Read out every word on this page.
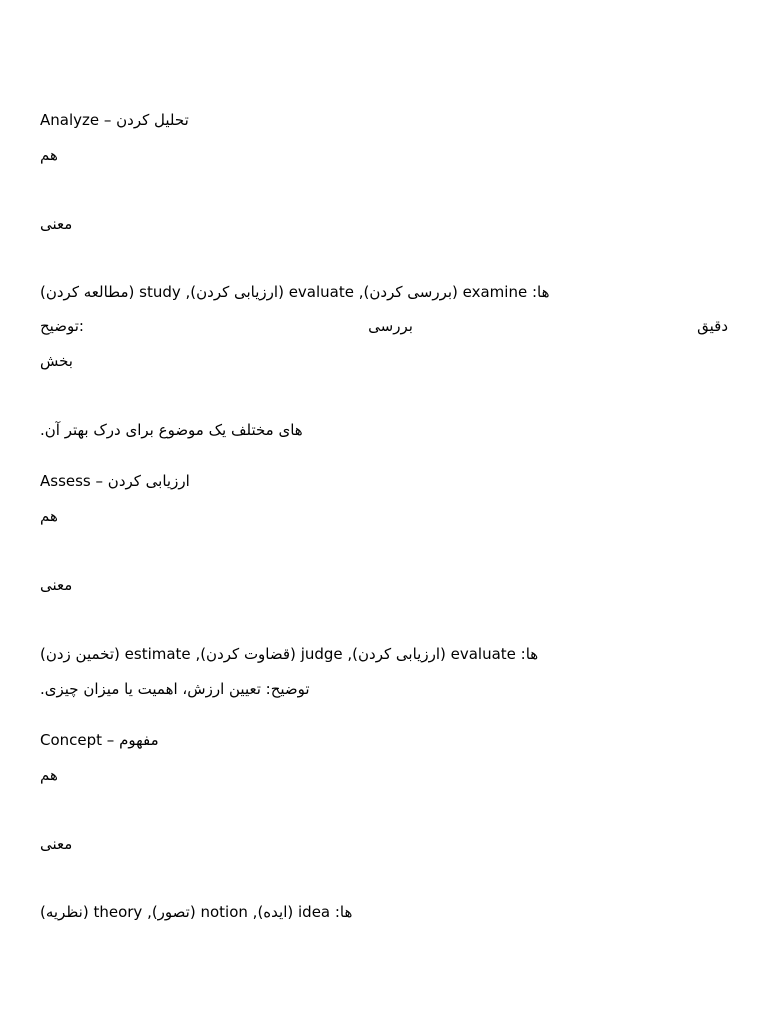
Analyze – تحلیل کردن
هم
معنی
ها: examine (بررسی کردن), evaluate (ارزیابی کردن), study (مطالعه کردن)
توضیح:	بررسی	دقیق
بخش
های مختلف یک موضوع برای درک بهتر آن.
Assess – ارزیابی کردن
هم
معنی
ها: evaluate (ارزیابی کردن), judge (قضاوت کردن), estimate (تخمین زدن)
توضیح: تعیین ارزش، اهمیت یا میزان چیزی.
Concept – مفهوم
هم
معنی
ها: idea (ایده), notion (تصور), theory (نظریه)
